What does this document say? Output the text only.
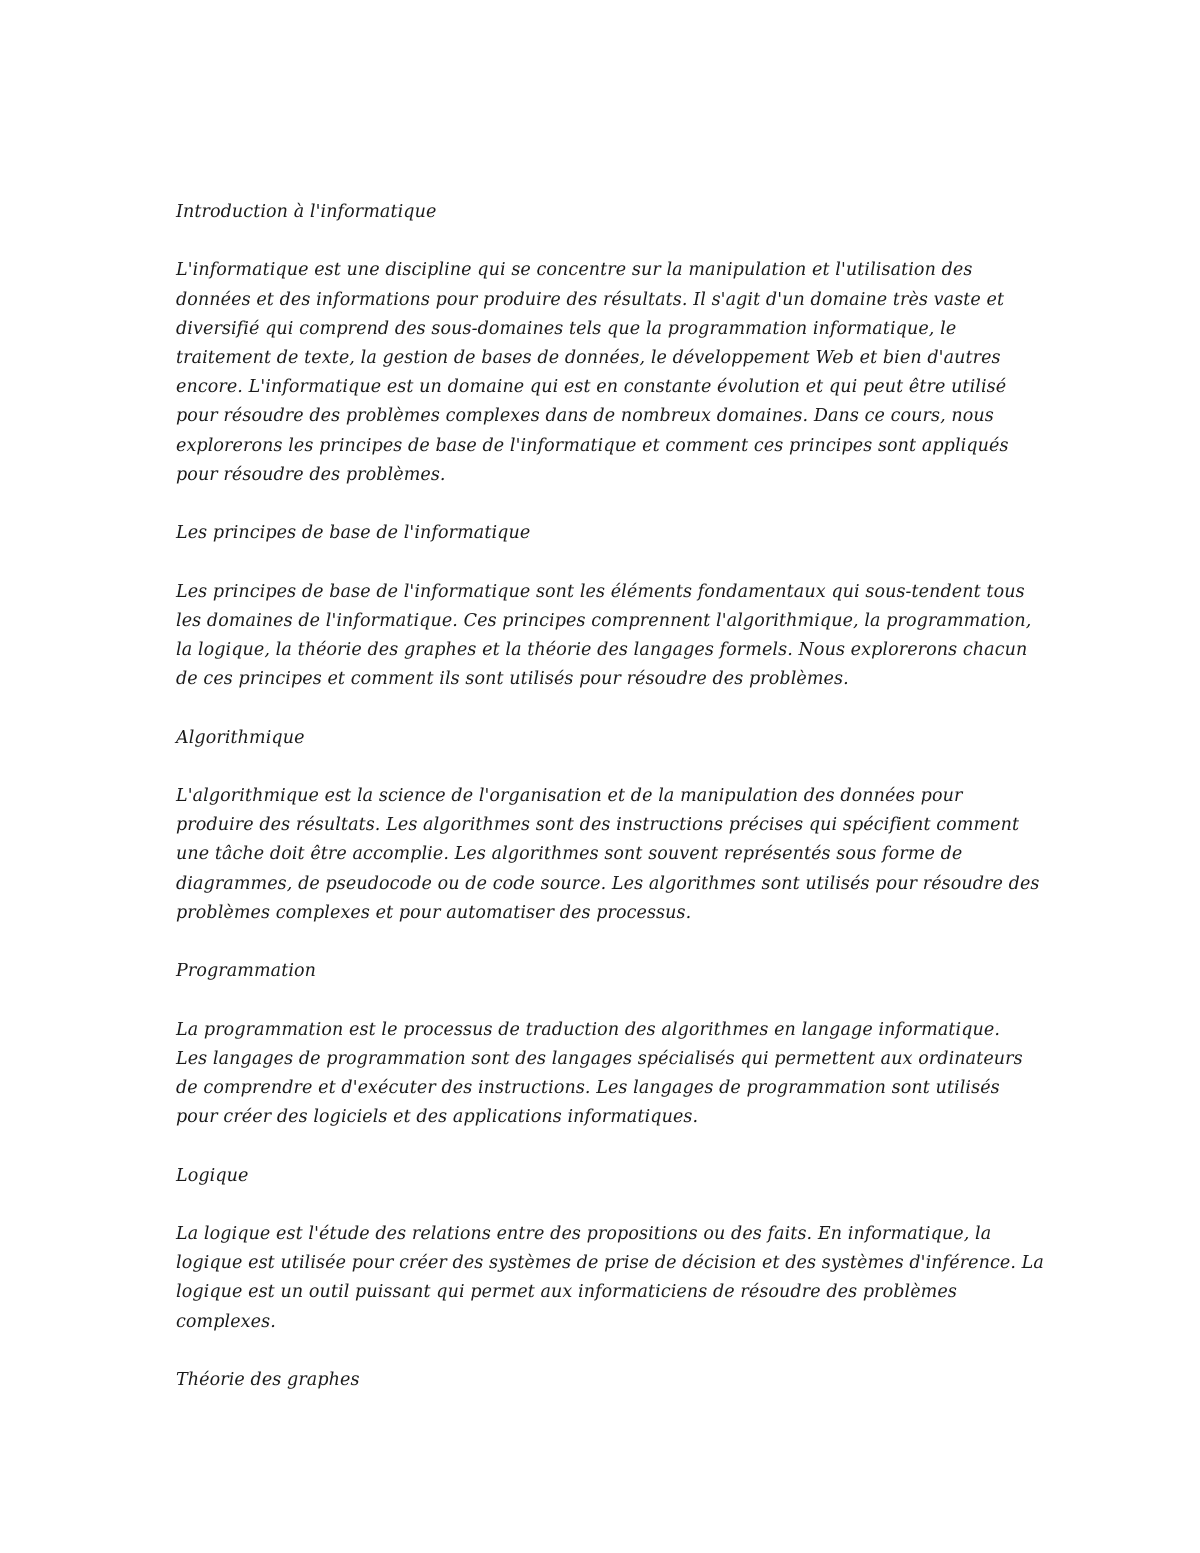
Introduction à l'informatique

L'informatique est une discipline qui se concentre sur la manipulation et l'utilisation des
données et des informations pour produire des résultats. Il s'agit d'un domaine très vaste et
diversifié qui comprend des sous-domaines tels que la programmation informatique, le
traitement de texte, la gestion de bases de données, le développement Web et bien d'autres
encore. L'informatique est un domaine qui est en constante évolution et qui peut être utilisé
pour résoudre des problèmes complexes dans de nombreux domaines. Dans ce cours, nous
explorerons les principes de base de l'informatique et comment ces principes sont appliqués
pour résoudre des problèmes.

Les principes de base de l'informatique

Les principes de base de l'informatique sont les éléments fondamentaux qui sous-tendent tous
les domaines de l'informatique. Ces principes comprennent l'algorithmique, la programmation,
la logique, la théorie des graphes et la théorie des langages formels. Nous explorerons chacun
de ces principes et comment ils sont utilisés pour résoudre des problèmes.

Algorithmique

L'algorithmique est la science de l'organisation et de la manipulation des données pour
produire des résultats. Les algorithmes sont des instructions précises qui spécifient comment
une tâche doit être accomplie. Les algorithmes sont souvent représentés sous forme de
diagrammes, de pseudocode ou de code source. Les algorithmes sont utilisés pour résoudre des
problèmes complexes et pour automatiser des processus.

Programmation

La programmation est le processus de traduction des algorithmes en langage informatique.
Les langages de programmation sont des langages spécialisés qui permettent aux ordinateurs
de comprendre et d'exécuter des instructions. Les langages de programmation sont utilisés
pour créer des logiciels et des applications informatiques.

Logique

La logique est l'étude des relations entre des propositions ou des faits. En informatique, la
logique est utilisée pour créer des systèmes de prise de décision et des systèmes d'inférence. La
logique est un outil puissant qui permet aux informaticiens de résoudre des problèmes
complexes.

Théorie des graphes
